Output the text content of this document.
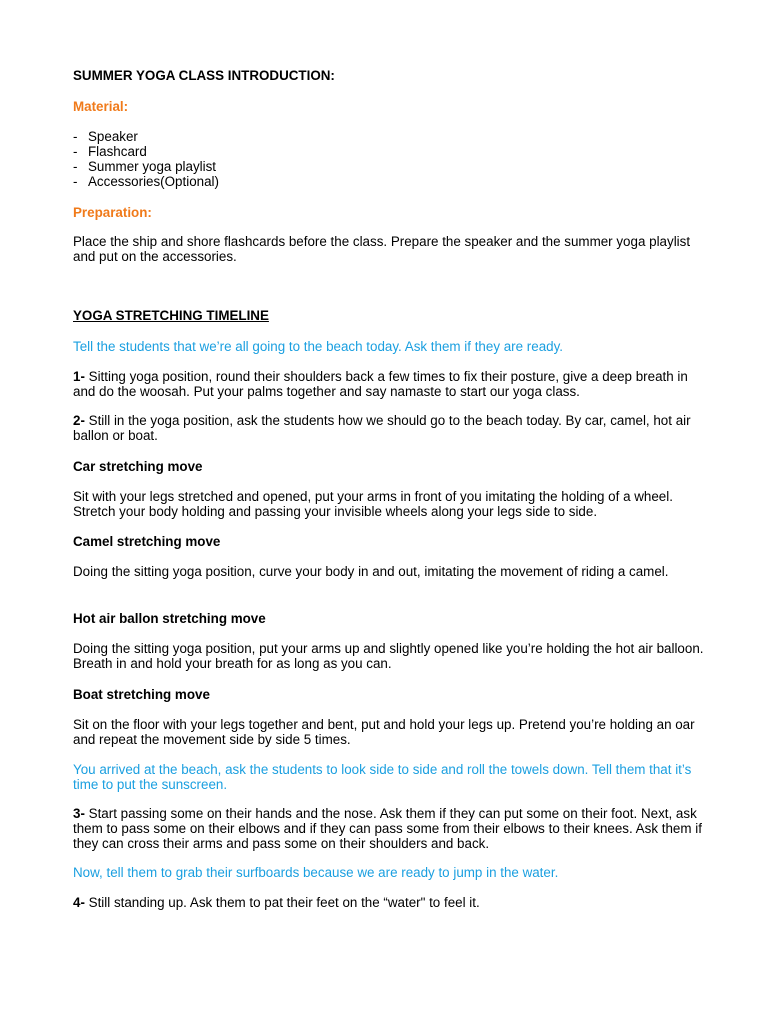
SUMMER YOGA CLASS INTRODUCTION:

Material:

- Speaker
- Flashcard
- Summer yoga playlist
- Accessories(Optional)

Preparation:

Place the ship and shore flashcards before the class. Prepare the speaker and the summer yoga playlist and put on the accessories.

YOGA STRETCHING TIMELINE

Tell the students that we’re all going to the beach today. Ask them if they are ready.

1- Sitting yoga position, round their shoulders back a few times to fix their posture, give a deep breath in and do the woosah. Put your palms together and say namaste to start our yoga class.

2- Still in the yoga position, ask the students how we should go to the beach today. By car, camel, hot air ballon or boat.

Car stretching move

Sit with your legs stretched and opened, put your arms in front of you imitating the holding of a wheel. Stretch your body holding and passing your invisible wheels along your legs side to side.

Camel stretching move

Doing the sitting yoga position, curve your body in and out, imitating the movement of riding a camel.

Hot air ballon stretching move

Doing the sitting yoga position, put your arms up and slightly opened like you’re holding the hot air balloon. Breath in and hold your breath for as long as you can.

Boat stretching move

Sit on the floor with your legs together and bent, put and hold your legs up. Pretend you’re holding an oar and repeat the movement side by side 5 times.

You arrived at the beach, ask the students to look side to side and roll the towels down. Tell them that it’s time to put the sunscreen.

3- Start passing some on their hands and the nose. Ask them if they can put some on their foot. Next, ask them to pass some on their elbows and if they can pass some from their elbows to their knees. Ask them if they can cross their arms and pass some on their shoulders and back.

Now, tell them to grab their surfboards because we are ready to jump in the water.

4- Still standing up. Ask them to pat their feet on the “water" to feel it.
